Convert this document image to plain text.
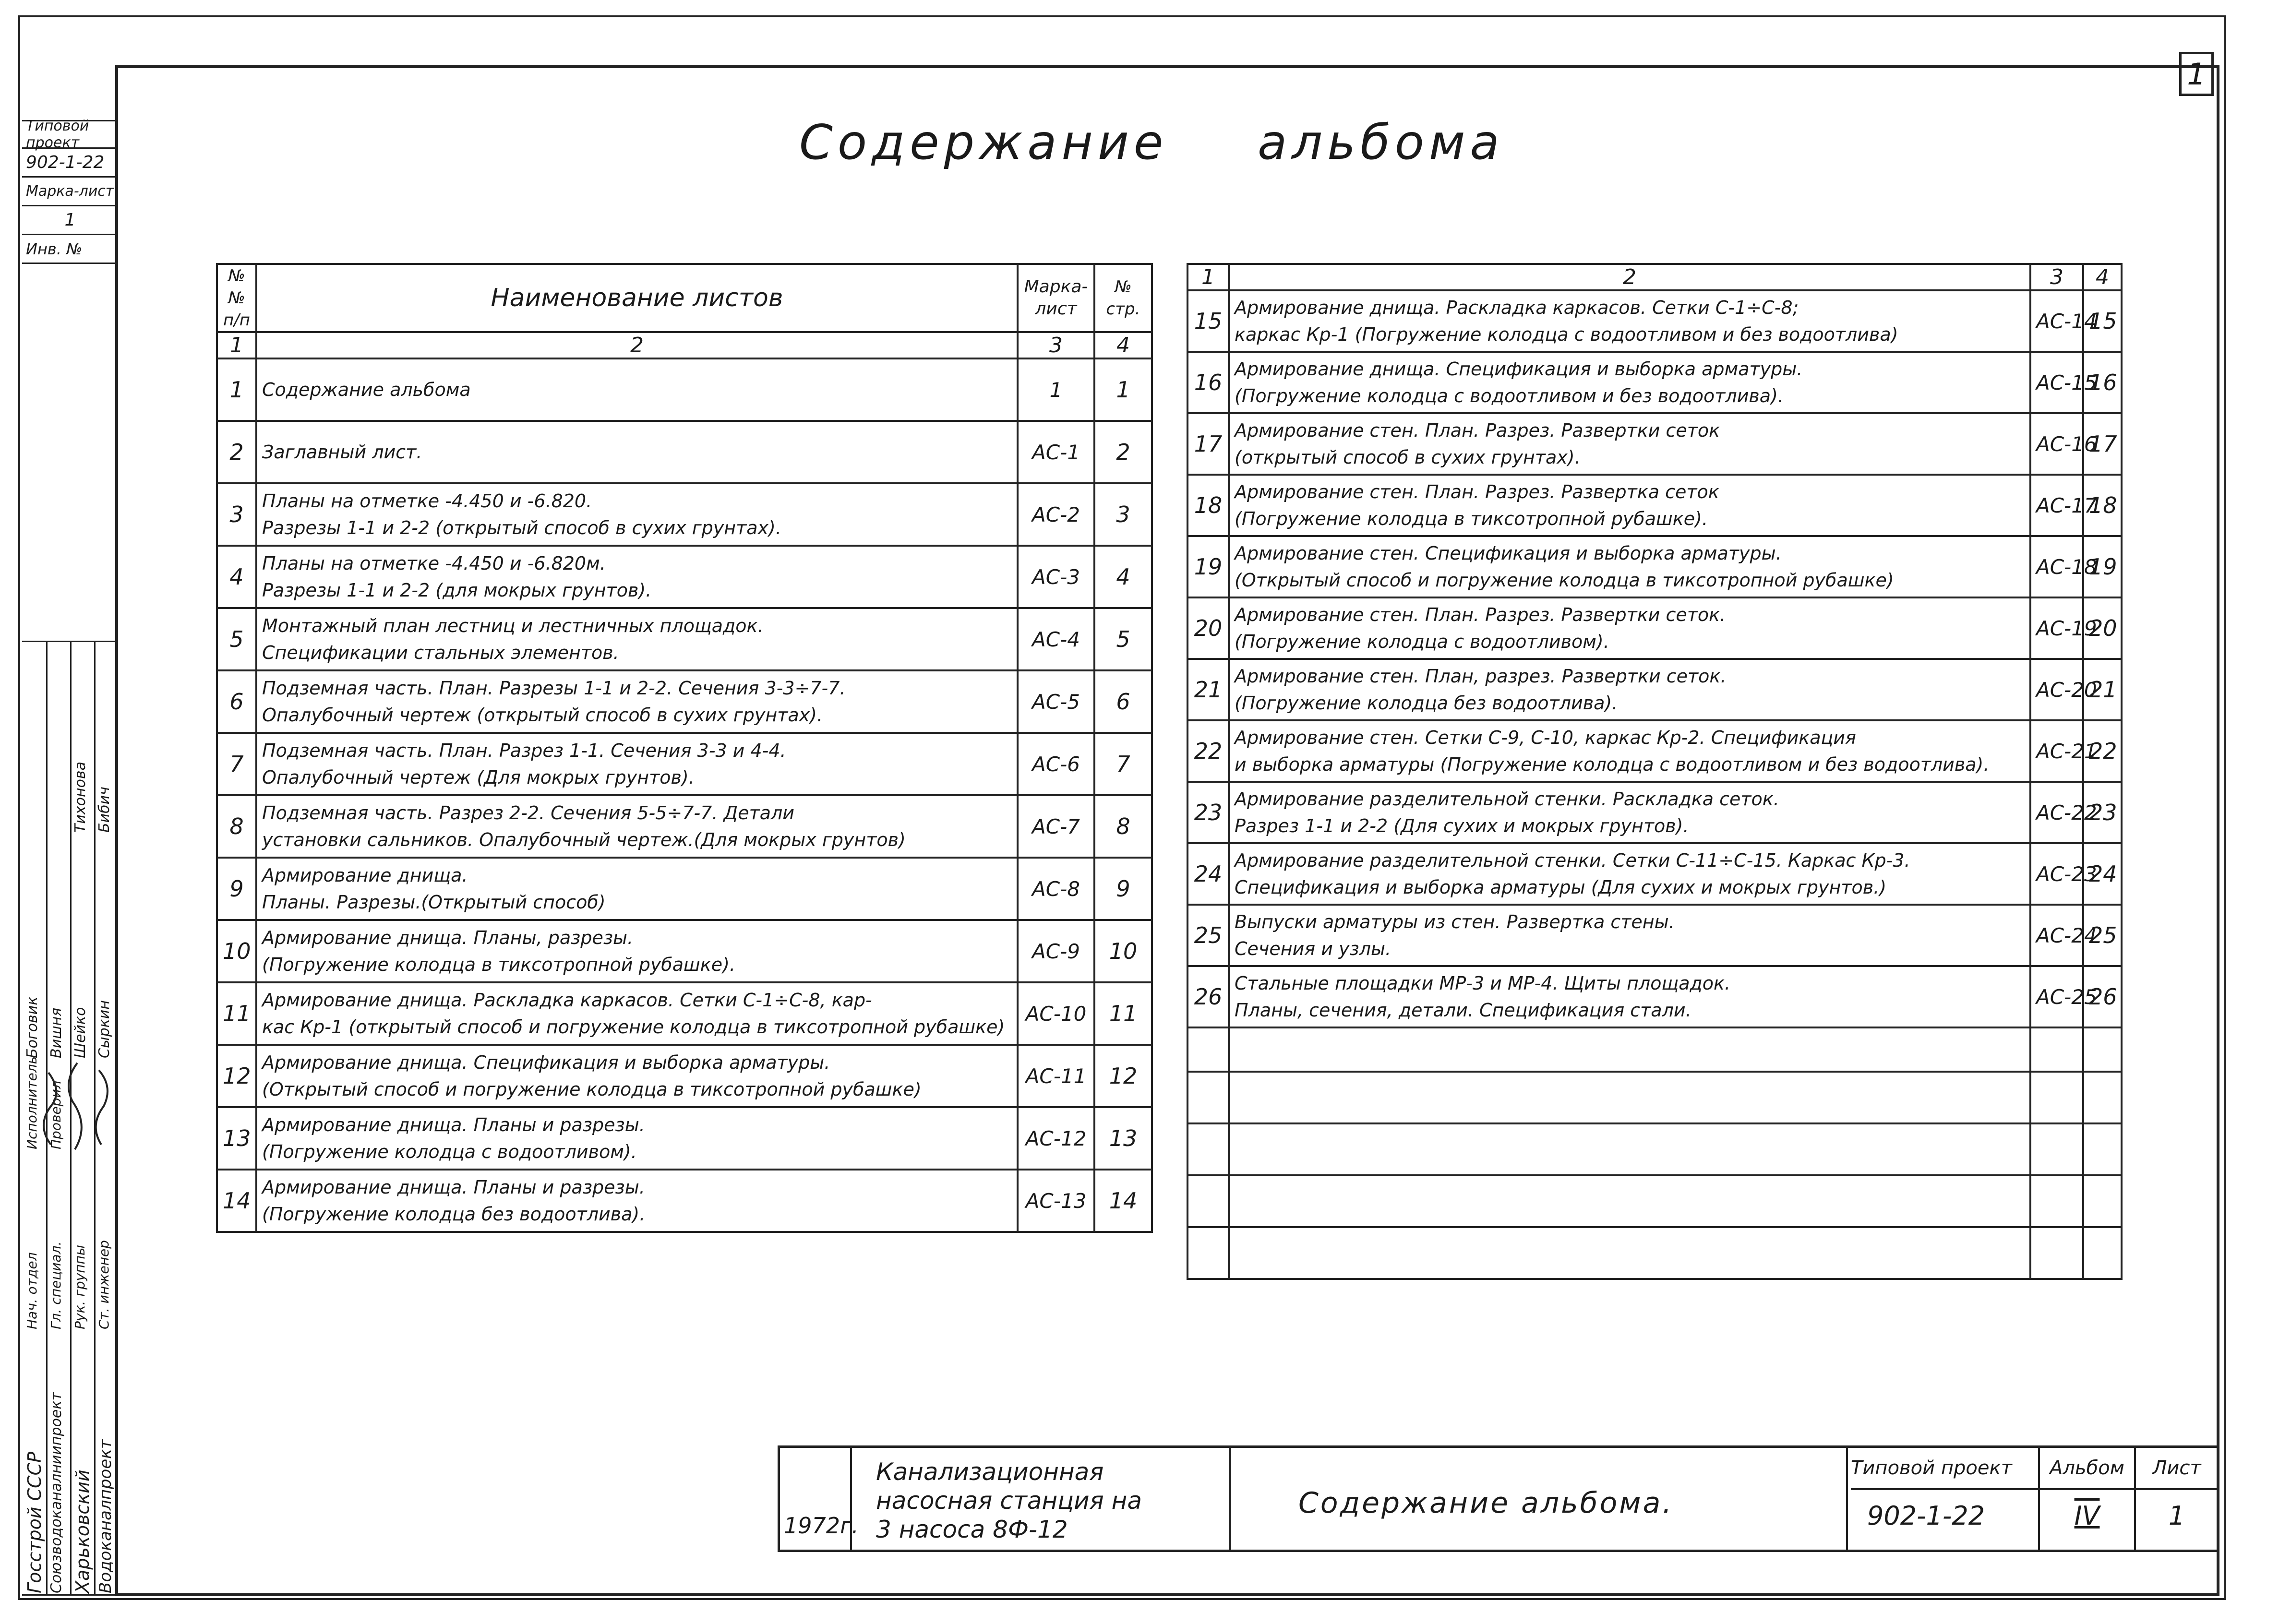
1
Содержание альбома
Типовой проект
902-1-22
Марка-лист
1
Инв. №
Госстрой СССР Союзводоканалниипроект Харьковский Водоканалпроект
Нач. отдел Гл. специал. Рук. группы Ст. инженер
Исполнитель Проверил
Боговик Вишня Шейко Сыркин
Тихонова Бибич
№№ п/п	Наименование листов	Марка-лист	№ стр.
1	2	3	4
1	Содержание альбома	1	1
2	Заглавный лист.	АС-1	2
3	Планы на отметке -4.450 и -6.820.
Разрезы 1-1 и 2-2 (открытый способ в сухих грунтах).	АС-2	3
4	Планы на отметке -4.450 и -6.820м.
Разрезы 1-1 и 2-2 (для мокрых грунтов).	АС-3	4
5	Монтажный план лестниц и лестничных площадок.
Спецификации стальных элементов.	АС-4	5
6	Подземная часть. План. Разрезы 1-1 и 2-2. Сечения 3-3÷7-7.
Опалубочный чертеж (открытый способ в сухих грунтах).	АС-5	6
7	Подземная часть. План. Разрез 1-1. Сечения 3-3 и 4-4.
Опалубочный чертеж (Для мокрых грунтов).	АС-6	7
8	Подземная часть. Разрез 2-2. Сечения 5-5÷7-7. Детали
установки сальников. Опалубочный чертеж.(Для мокрых грунтов)	АС-7	8
9	Армирование днища.
Планы. Разрезы.(Открытый способ)	АС-8	9
10	Армирование днища. Планы, разрезы.
(Погружение колодца в тиксотропной рубашке).	АС-9	10
11	Армирование днища. Раскладка каркасов. Сетки С-1÷С-8, кар-
кас Кр-1 (открытый способ и погружение колодца в тиксотропной рубашке)	АС-10	11
12	Армирование днища. Спецификация и выборка арматуры.
(Открытый способ и погружение колодца в тиксотропной рубашке)	АС-11	12
13	Армирование днища. Планы и разрезы.
(Погружение колодца с водоотливом).	АС-12	13
14	Армирование днища. Планы и разрезы.
(Погружение колодца без водоотлива).	АС-13	14
1	2	3	4
15	Армирование днища. Раскладка каркасов. Сетки С-1÷С-8;
каркас Кр-1 (Погружение колодца с водоотливом и без водоотлива)	АС-14	15
16	Армирование днища. Спецификация и выборка арматуры.
(Погружение колодца с водоотливом и без водоотлива).	АС-15	16
17	Армирование стен. План. Разрез. Развертки сеток
(открытый способ в сухих грунтах).	АС-16	17
18	Армирование стен. План. Разрез. Развертка сеток
(Погружение колодца в тиксотропной рубашке).	АС-17	18
19	Армирование стен. Спецификация и выборка арматуры.
(Открытый способ и погружение колодца в тиксотропной рубашке)	АС-18	19
20	Армирование стен. План. Разрез. Развертки сеток.
(Погружение колодца с водоотливом).	АС-19	20
21	Армирование стен. План, разрез. Развертки сеток.
(Погружение колодца без водоотлива).	АС-20	21
22	Армирование стен. Сетки С-9, С-10, каркас Кр-2. Спецификация
и выборка арматуры (Погружение колодца с водоотливом и без водоотлива).	АС-21	22
23	Армирование разделительной стенки. Раскладка сеток.
Разрез 1-1 и 2-2 (Для сухих и мокрых грунтов).	АС-22	23
24	Армирование разделительной стенки. Сетки С-11÷С-15. Каркас Кр-3.
Спецификация и выборка арматуры (Для сухих и мокрых грунтов.)	АС-23	24
25	Выпуски арматуры из стен. Развертка стены.
Сечения и узлы.	АС-24	25
26	Стальные площадки МР-3 и МР-4. Щиты площадок.
Планы, сечения, детали. Спецификация стали.	АС-25	26

1972г.
Канализационная
насосная станция на
3 насоса 8Ф-12
Содержание альбома.
Типовой проект
902-1-22
Альбом
IV
Лист
1
